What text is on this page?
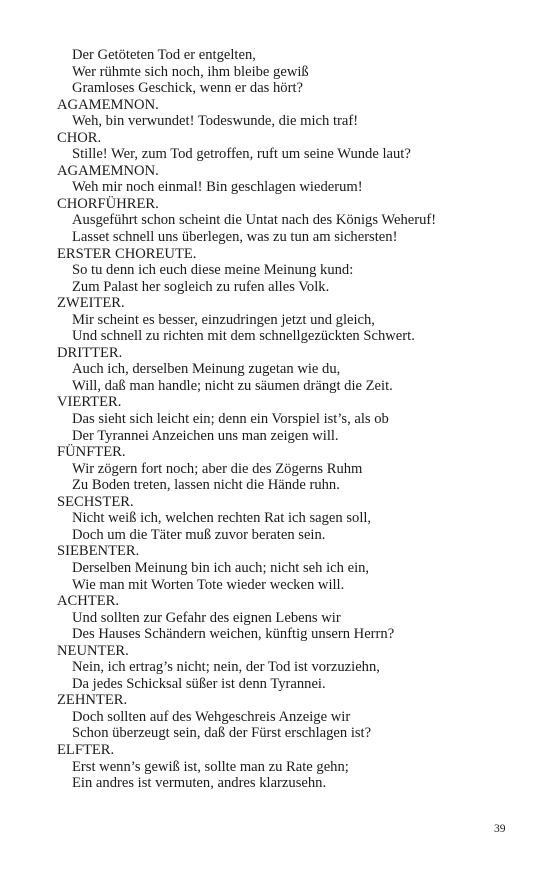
Der Getöteten Tod er entgelten,
Wer rühmte sich noch, ihm bleibe gewiß
Gramloses Geschick, wenn er das hört?
AGAMEMNON.
Weh, bin verwundet! Todeswunde, die mich traf!
CHOR.
Stille! Wer, zum Tod getroffen, ruft um seine Wunde laut?
AGAMEMNON.
Weh mir noch einmal! Bin geschlagen wiederum!
CHORFÜHRER.
Ausgeführt schon scheint die Untat nach des Königs Weheruf!
Lasset schnell uns überlegen, was zu tun am sichersten!
ERSTER CHOREUTE.
So tu denn ich euch diese meine Meinung kund:
Zum Palast her sogleich zu rufen alles Volk.
ZWEITER.
Mir scheint es besser, einzudringen jetzt und gleich,
Und schnell zu richten mit dem schnellgezückten Schwert.
DRITTER.
Auch ich, derselben Meinung zugetan wie du,
Will, daß man handle; nicht zu säumen drängt die Zeit.
VIERTER.
Das sieht sich leicht ein; denn ein Vorspiel ist’s, als ob
Der Tyrannei Anzeichen uns man zeigen will.
FÜNFTER.
Wir zögern fort noch; aber die des Zögerns Ruhm
Zu Boden treten, lassen nicht die Hände ruhn.
SECHSTER.
Nicht weiß ich, welchen rechten Rat ich sagen soll,
Doch um die Täter muß zuvor beraten sein.
SIEBENTER.
Derselben Meinung bin ich auch; nicht seh ich ein,
Wie man mit Worten Tote wieder wecken will.
ACHTER.
Und sollten zur Gefahr des eignen Lebens wir
Des Hauses Schändern weichen, künftig unsern Herrn?
NEUNTER.
Nein, ich ertrag’s nicht; nein, der Tod ist vorzuziehn,
Da jedes Schicksal süßer ist denn Tyrannei.
ZEHNTER.
Doch sollten auf des Wehgeschreis Anzeige wir
Schon überzeugt sein, daß der Fürst erschlagen ist?
ELFTER.
Erst wenn’s gewiß ist, sollte man zu Rate gehn;
Ein andres ist vermuten, andres klarzusehn.
39
